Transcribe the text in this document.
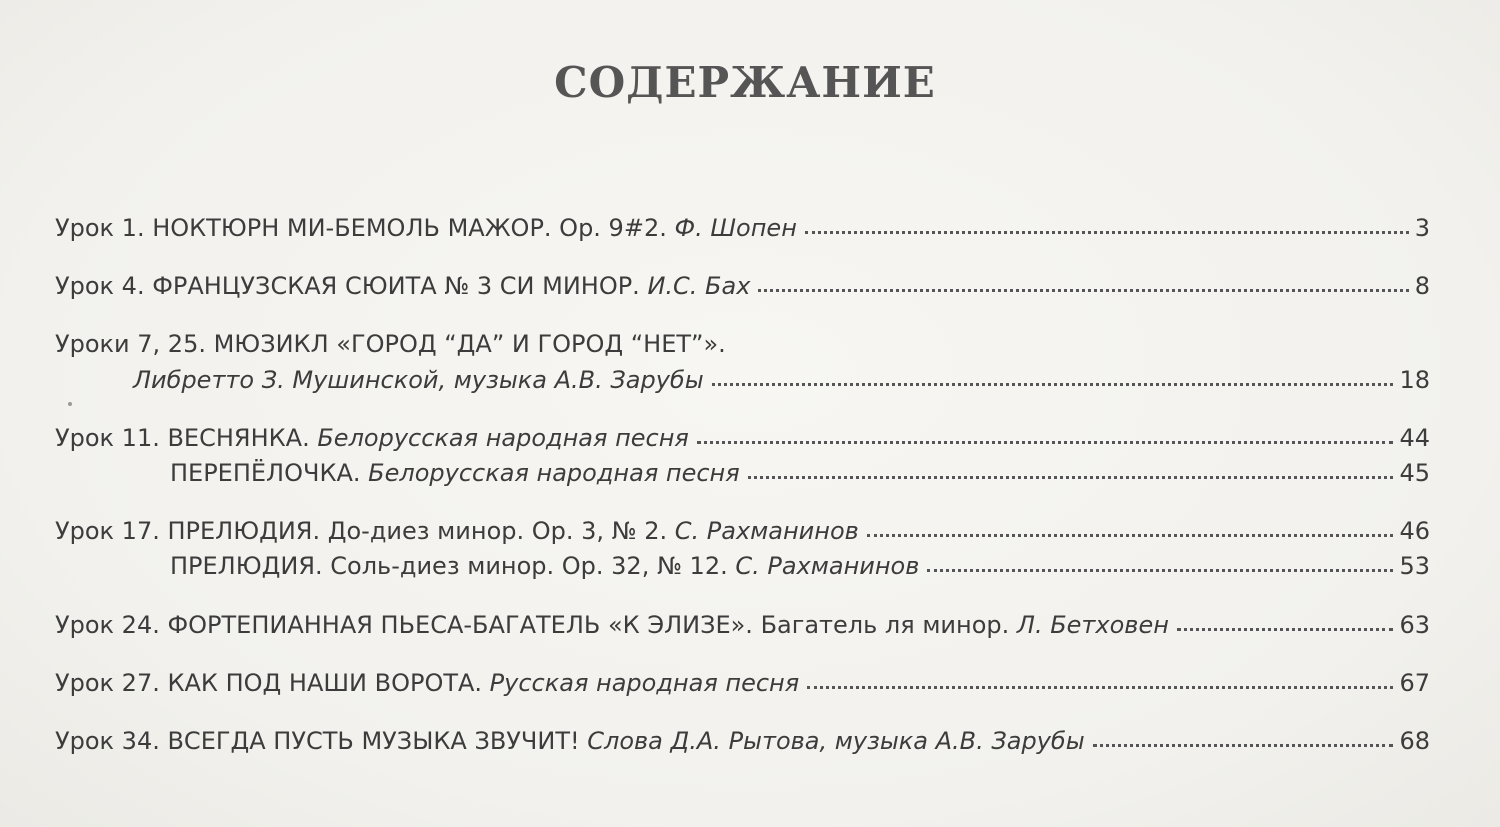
СОДЕРЖАНИЕ
Урок 1. НОКТЮРН МИ-БЕМОЛЬ МАЖОР. Ор. 9#2. Ф. Шопен	3
Урок 4. ФРАНЦУЗСКАЯ СЮИТА № 3 СИ МИНОР. И.С. Бах	8
Уроки 7, 25. МЮЗИКЛ «ГОРОД “ДА” И ГОРОД “НЕТ”».
Либретто З. Мушинской, музыка А.В. Зарубы	18
Урок 11. ВЕСНЯНКА. Белорусская народная песня	44
ПЕРЕПЁЛОЧКА. Белорусская народная песня	45
Урок 17. ПРЕЛЮДИЯ. До-диез минор. Ор. 3, № 2. С. Рахманинов	46
ПРЕЛЮДИЯ. Соль-диез минор. Ор. 32, № 12. С. Рахманинов	53
Урок 24. ФОРТЕПИАННАЯ ПЬЕСА-БАГАТЕЛЬ «К ЭЛИЗЕ». Багатель ля минор. Л. Бетховен	63
Урок 27. КАК ПОД НАШИ ВОРОТА. Русская народная песня	67
Урок 34. ВСЕГДА ПУСТЬ МУЗЫКА ЗВУЧИТ! Слова Д.А. Рытова, музыка А.В. Зарубы	68
